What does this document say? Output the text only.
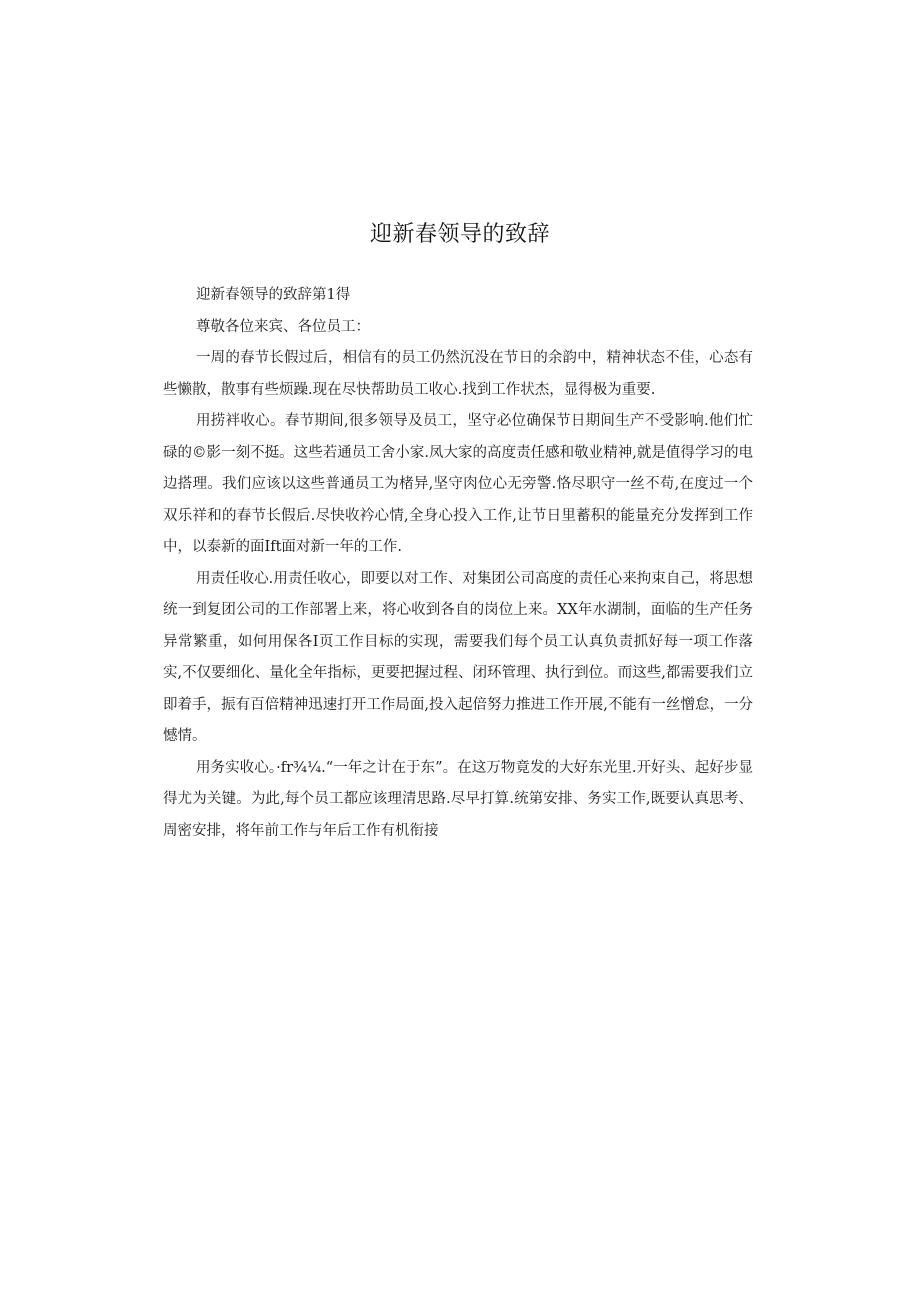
迎新春领导的致辞

迎新春领导的致辞第1得

尊敬各位来宾、各位员工：

一周的春节长假过后，相信有的员工仍然沉没在节日的余韵中，精神状态不佳，心态有些懒散，散事有些烦躁.现在尽快帮助员工收心.找到工作状杰，显得极为重要.

用捞袢收心。春节期间,很多领导及员工，坚守必位确保节日期间生产不受影响.他们忙碌的©影一刻不挺。这些若通员工舍小家.凤大家的高度责任感和敬业精神,就是值得学习的电边搭理。我们应该以这些普通员工为楮异,坚守肉位心无旁警.恪尽职守一丝不苟,在度过一个双乐祥和的春节长假后.尽快收衿心情,全身心投入工作,让节日里蓄积的能量充分发挥到工作中，以泰新的面Ift面对新一年的工作.

用责任收心.用责任收心，即要以对工作、对集团公司高度的责任心来拘束自己，将思想统一到复团公司的工作部署上来，将心收到各自的岗位上来。XX年水湖制，面临的生产任务异常繁重，如何用保各I页工作目标的实现，需要我们每个员工认真负责抓好每一项工作落实,不仅要细化、量化全年指标，更要把握过程、闭环管理、执行到位。而这些,都需要我们立即着手，振有百倍精神迅速打开工作局面,投入起倍努力推进工作开展,不能有一丝憎怠，一分憾情。

用务实收心。·fr¾¼.“一年之计在于东”。在这万物竟发的大好东光里.开好头、起好步显得尤为关键。为此,每个员工都应该理清思路.尽早打算.统第安排、务实工作,既要认真思考、周密安排，将年前工作与年后工作有机衔接
